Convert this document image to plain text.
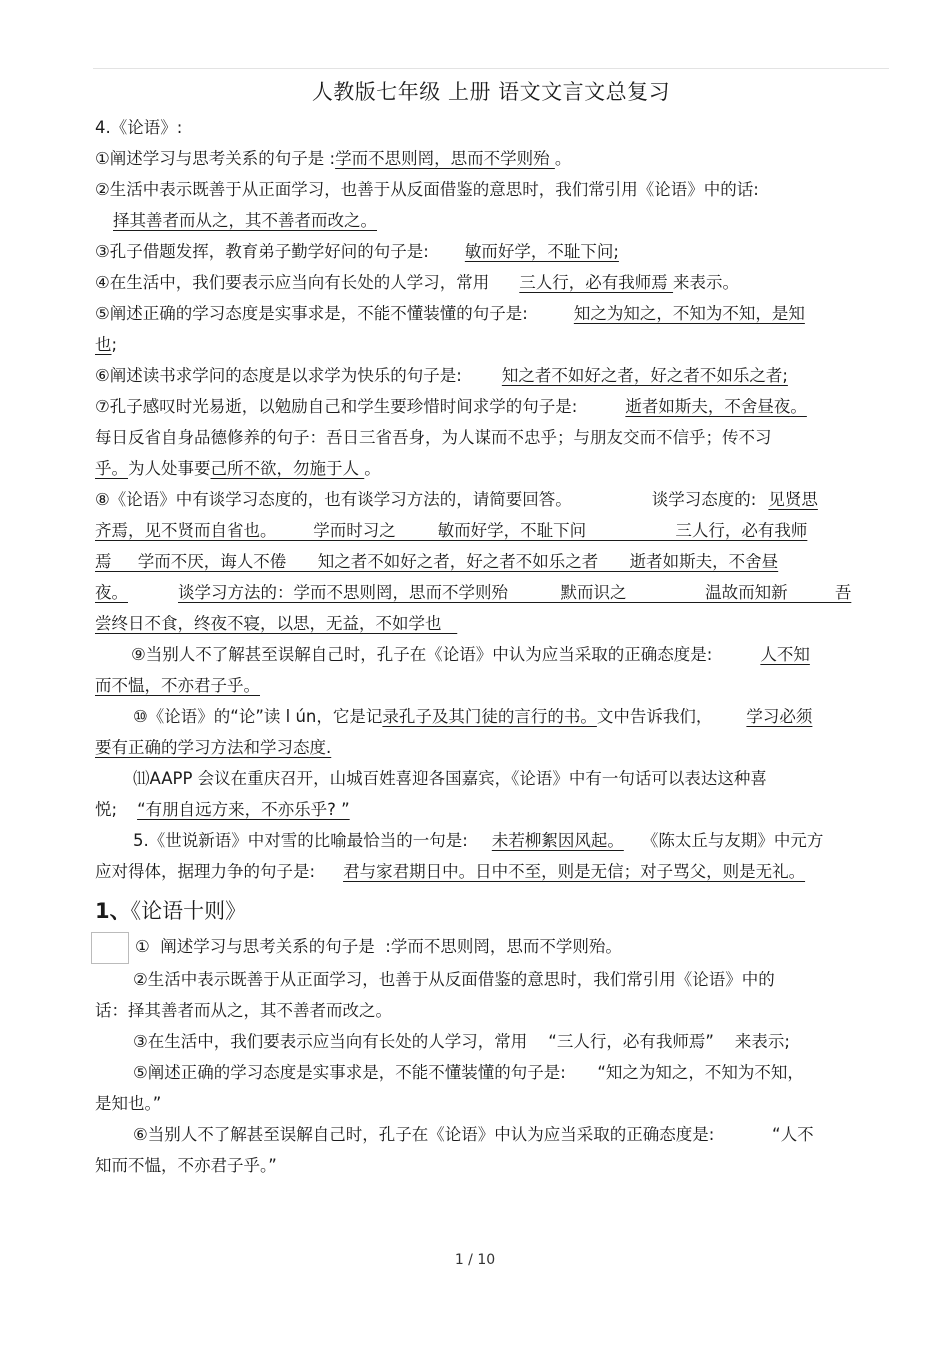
人教版七年级 上册 语文文言文总复习
4.《论语》:
①阐述学习与思考关系的句子是 :学而不思则罔，思而不学则殆 。
②生活中表示既善于从正面学习，也善于从反面借鉴的意思时，我们常引用《论语》中的话:
择其善者而从之，其不善者而改之。
③孔子借题发挥，教育弟子勤学好问的句子是: 敏而好学，不耻下问;
④在生活中，我们要表示应当向有长处的人学习，常用 三人行，必有我师焉 来表示。
⑤阐述正确的学习态度是实事求是，不能不懂装懂的句子是:	知之为知之，不知为不知，是知
也;
⑥阐述读书求学问的态度是以求学为快乐的句子是: 知之者不如好之者，好之者不如乐之者;
⑦孔子感叹时光易逝，以勉励自己和学生要珍惜时间求学的句子是:	逝者如斯夫，不舍昼夜。
每日反省自身品德修养的句子：吾日三省吾身，为人谋而不忠乎；与朋友交而不信乎；传不习
乎。为人处事要己所不欲，勿施于人 。
⑧《论语》中有谈学习态度的，也有谈学习方法的，请简要回答。	谈学习态度的: 见贤思
齐焉，见不贤而自省也。       学而时习之        敏而好学，不耻下问                 三人行，必有我师
焉     学而不厌，诲人不倦      知之者不如好之者，好之者不如乐之者      逝者如斯夫，不舍昼
夜。	谈学习方法的：学而不思则罔，思而不学则殆          默而识之               温故而知新         吾
尝终日不食，终夜不寝，以思，无益，不如学也
⑨当别人不了解甚至误解自己时，孔子在《论语》中认为应当采取的正确态度是:	人不知
而不愠，不亦君子乎。
⑩《论语》的“论”读 l ún，它是记录孔子及其门徒的言行的书。文中告诉我们， 学习必须
要有正确的学习方法和学习态度.
⑾AAPP 会议在重庆召开，山城百姓喜迎各国嘉宾，《论语》中有一句话可以表达这种喜
悦; “有朋自远方来，不亦乐乎? ”
5.《世说新语》中对雪的比喻最恰当的一句是: 未若柳絮因风起。 《陈太丘与友期》中元方
应对得体，据理力争的句子是: 君与家君期日中。日中不至，则是无信；对子骂父，则是无礼。
1、《论语十则》
①  阐述学习与思考关系的句子是  :学而不思则罔，思而不学则殆。
②生活中表示既善于从正面学习，也善于从反面借鉴的意思时，我们常引用《论语》中的
话：择其善者而从之，其不善者而改之。
③在生活中，我们要表示应当向有长处的人学习，常用    “三人行，必有我师焉”    来表示;
⑤阐述正确的学习态度是实事求是，不能不懂装懂的句子是:      “知之为知之，不知为不知，
是知也。”
⑥当别人不了解甚至误解自己时，孔子在《论语》中认为应当采取的正确态度是:           “人不
知而不愠，不亦君子乎。”
1 / 10
